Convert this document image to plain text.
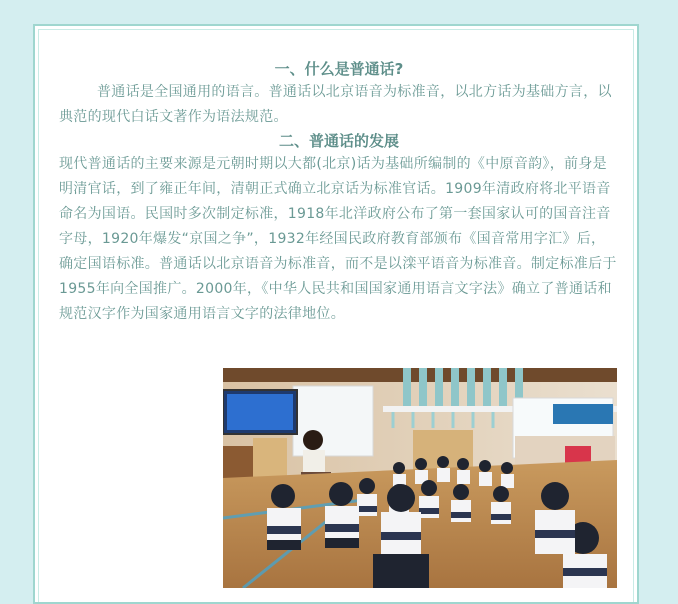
一、什么是普通话?

普通话是全国通用的语言。普通话以北京语音为标准音，以北方话为基础方言，以典范的现代白话文著作为语法规范。

二、普通话的发展

现代普通话的主要来源是元朝时期以大都(北京)话为基础所编制的《中原音韵》，前身是明清官话，到了雍正年间，清朝正式确立北京话为标准官话。1909年清政府将北平语音命名为国语。民国时多次制定标准，1918年北洋政府公布了第一套国家认可的国音注音字母，1920年爆发“京国之争”，1932年经国民政府教育部颁布《国音常用字汇》后，确定国语标准。普通话以北京语音为标准音，而不是以滦平语音为标准音。制定标准后于1955年向全国推广。2000年，《中华人民共和国国家通用语言文字法》确立了普通话和规范汉字作为国家通用语言文字的法律地位。
